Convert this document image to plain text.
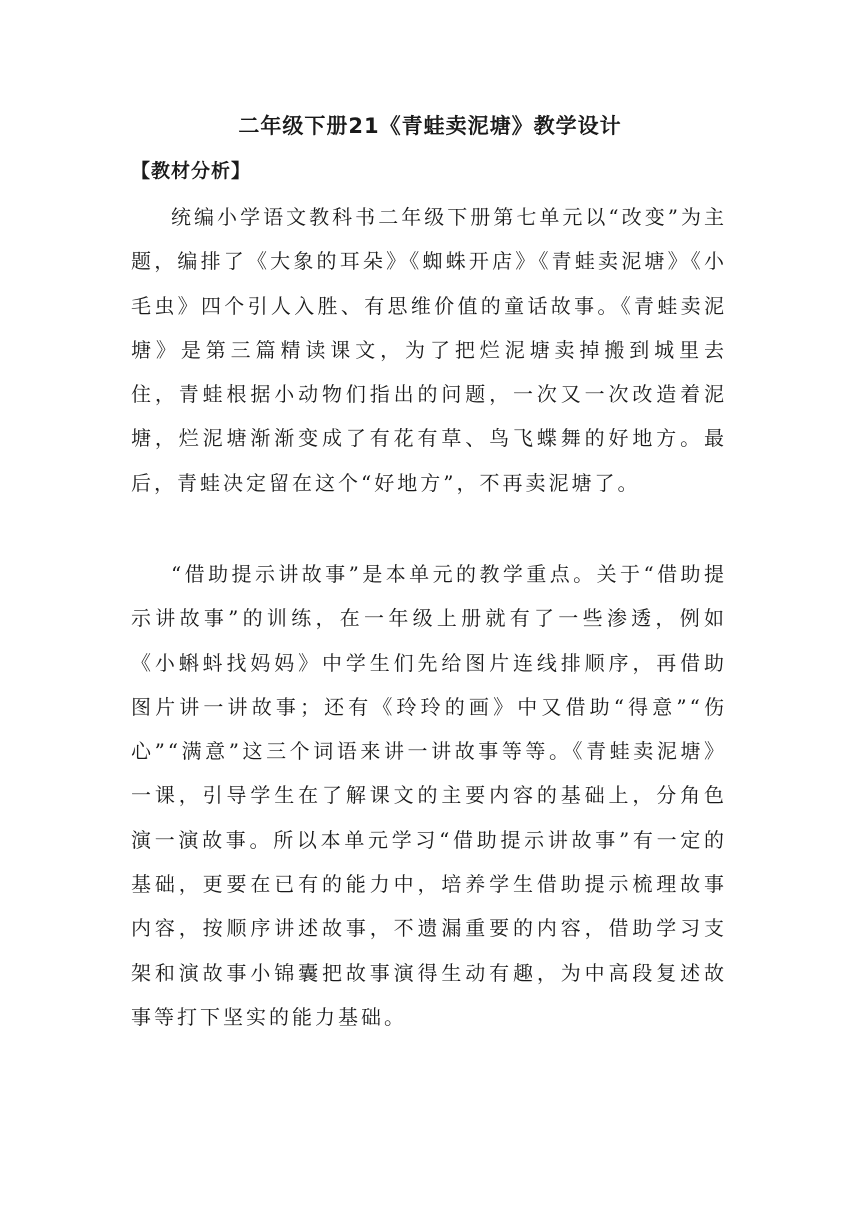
二年级下册21《青蛙卖泥塘》教学设计
【教材分析】

统编小学语文教科书二年级下册第七单元以“改变”为主题，编排了《大象的耳朵》《蜘蛛开店》《青蛙卖泥塘》《小毛虫》四个引人入胜、有思维价值的童话故事。《青蛙卖泥塘》是第三篇精读课文，为了把烂泥塘卖掉搬到城里去住，青蛙根据小动物们指出的问题，一次又一次改造着泥塘，烂泥塘渐渐变成了有花有草、鸟飞蝶舞的好地方。最后，青蛙决定留在这个“好地方”，不再卖泥塘了。

“借助提示讲故事”是本单元的教学重点。关于“借助提示讲故事”的训练，在一年级上册就有了一些渗透，例如《小蝌蚪找妈妈》中学生们先给图片连线排顺序，再借助图片讲一讲故事；还有《玲玲的画》中又借助“得意”“伤心”“满意”这三个词语来讲一讲故事等等。《青蛙卖泥塘》一课，引导学生在了解课文的主要内容的基础上，分角色演一演故事。所以本单元学习“借助提示讲故事”有一定的基础，更要在已有的能力中，培养学生借助提示梳理故事内容，按顺序讲述故事，不遗漏重要的内容，借助学习支架和演故事小锦囊把故事演得生动有趣，为中高段复述故事等打下坚实的能力基础。
